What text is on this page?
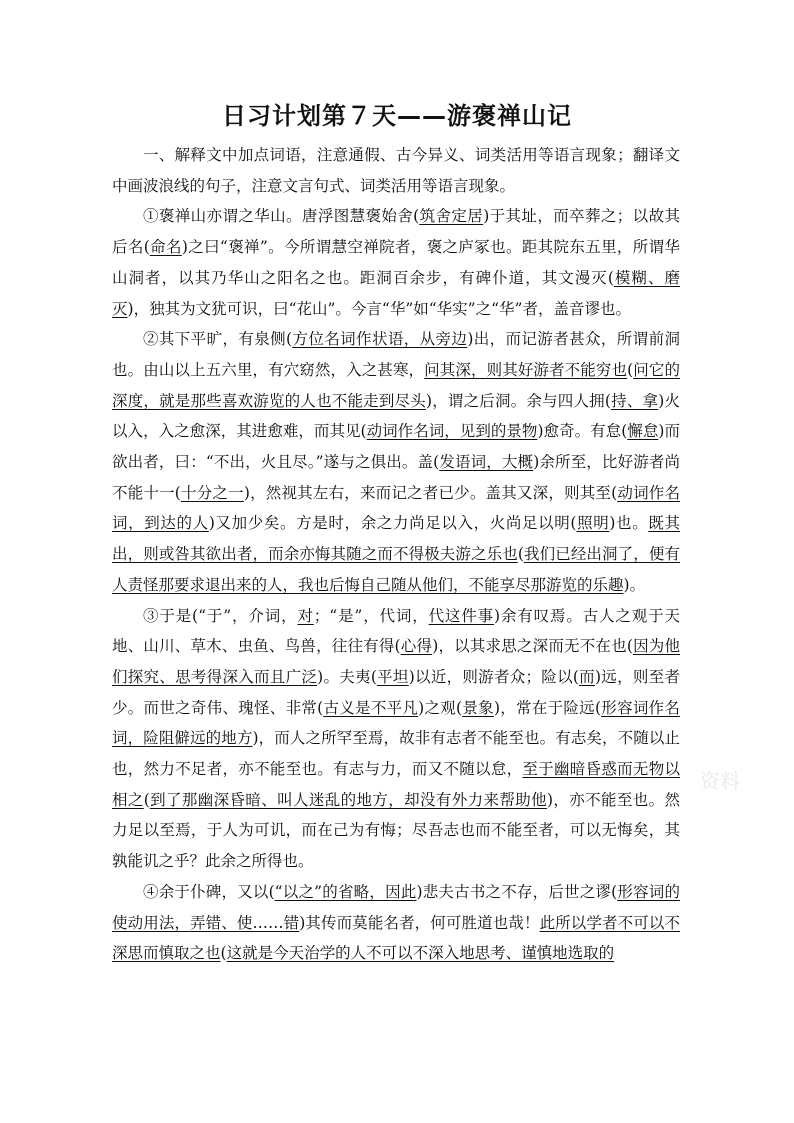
日习计划第７天——游褒禅山记

一、解释文中加点词语，注意通假、古今异义、词类活用等语言现象；翻译文中画波浪线的句子，注意文言句式、词类活用等语言现象。

①褒禅山亦谓之华山。唐浮图慧褒始舍(筑舍定居)于其址，而卒葬之；以故其后名(命名)之曰“褒禅”。今所谓慧空禅院者，褒之庐冢也。距其院东五里，所谓华山洞者，以其乃华山之阳名之也。距洞百余步，有碑仆道，其文漫灭(模糊、磨灭)，独其为文犹可识，曰“花山”。今言“华”如“华实”之“华”者，盖音谬也。

②其下平旷，有泉侧(方位名词作状语，从旁边)出，而记游者甚众，所谓前洞也。由山以上五六里，有穴窈然，入之甚寒，问其深，则其好游者不能穷也(问它的深度，就是那些喜欢游览的人也不能走到尽头)，谓之后洞。余与四人拥(持、拿)火以入，入之愈深，其进愈难，而其见(动词作名词，见到的景物)愈奇。有怠(懈怠)而欲出者，曰：“不出，火且尽。”遂与之俱出。盖(发语词，大概)余所至，比好游者尚不能十一(十分之一)，然视其左右，来而记之者已少。盖其又深，则其至(动词作名词，到达的人)又加少矣。方是时，余之力尚足以入，火尚足以明(照明)也。既其出，则或咎其欲出者，而余亦悔其随之而不得极夫游之乐也(我们已经出洞了，便有人责怪那要求退出来的人，我也后悔自己随从他们，不能享尽那游览的乐趣)。

③于是(“于”，介词，对；“是”，代词，代这件事)余有叹焉。古人之观于天地、山川、草木、虫鱼、鸟兽，往往有得(心得)，以其求思之深而无不在也(因为他们探究、思考得深入而且广泛)。夫夷(平坦)以近，则游者众；险以(而)远，则至者少。而世之奇伟、瑰怪、非常(古义是不平凡)之观(景象)，常在于险远(形容词作名词，险阻僻远的地方)，而人之所罕至焉，故非有志者不能至也。有志矣，不随以止也，然力不足者，亦不能至也。有志与力，而又不随以怠，至于幽暗昏惑而无物以相之(到了那幽深昏暗、叫人迷乱的地方，却没有外力来帮助他)，亦不能至也。然力足以至焉，于人为可讥，而在己为有悔；尽吾志也而不能至者，可以无悔矣，其孰能讥之乎？此余之所得也。

④余于仆碑，又以(“以之”的省略，因此)悲夫古书之不存，后世之谬(形容词的使动用法，弄错、使……错)其传而莫能名者，何可胜道也哉！此所以学者不可以不深思而慎取之也(这就是今天治学的人不可以不深入地思考、谨慎地选取的

资料
